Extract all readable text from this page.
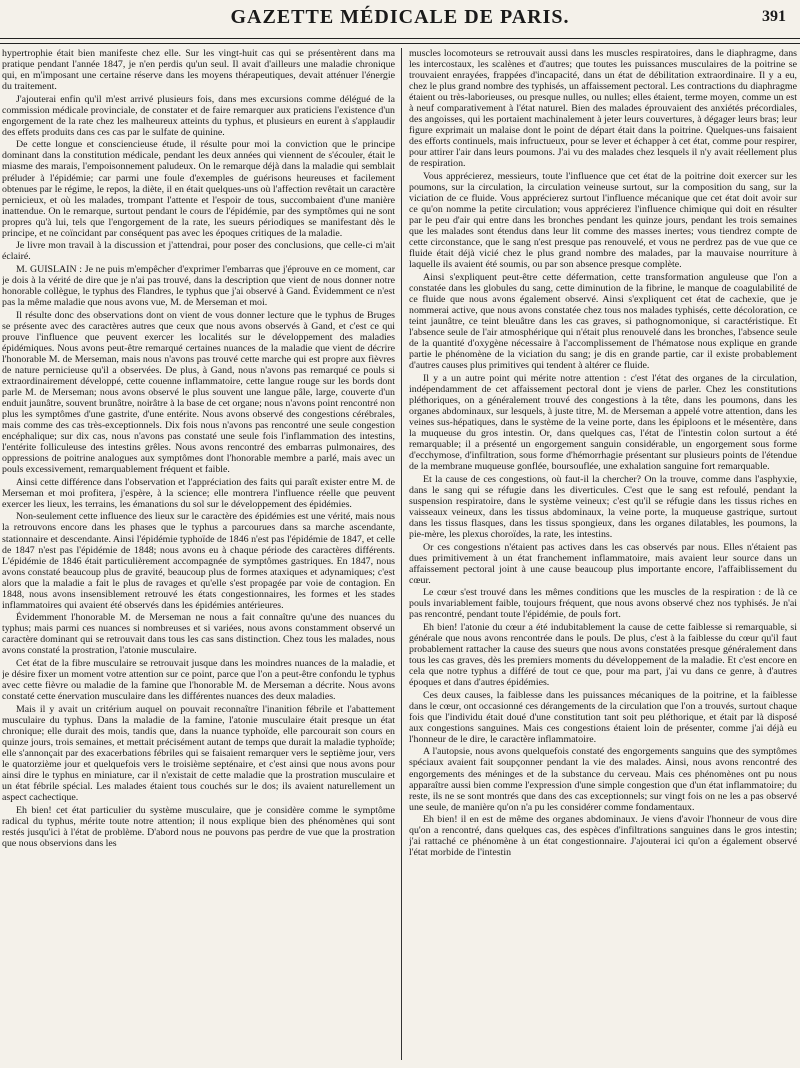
GAZETTE MÉDICALE DE PARIS.	391

hypertrophie était bien manifeste chez elle. Sur les vingt-huit cas qui se présentèrent dans ma pratique pendant l'année 1847, je n'en perdis qu'un seul. Il avait d'ailleurs une maladie chronique qui, en m'imposant une certaine réserve dans les moyens thérapeutiques, devait atténuer l'énergie du traitement.

J'ajouterai enfin qu'il m'est arrivé plusieurs fois, dans mes excursions comme délégué de la commission médicale provinciale, de constater et de faire remarquer aux praticiens l'existence d'un engorgement de la rate chez les malheureux atteints du typhus, et plusieurs en eurent à s'applaudir des effets produits dans ces cas par le sulfate de quinine.

De cette longue et consciencieuse étude, il résulte pour moi la conviction que le principe dominant dans la constitution médicale, pendant les deux années qui viennent de s'écouler, était le miasme des marais, l'empoisonnement paludeux. On le remarque déjà dans la maladie qui semblait préluder à l'épidémie; car parmi une foule d'exemples de guérisons heureuses et facilement obtenues par le régime, le repos, la diète, il en était quelques-uns où l'affection revêtait un caractère pernicieux, et où les malades, trompant l'attente et l'espoir de tous, succombaient d'une manière inattendue. On le remarque, surtout pendant le cours de l'épidémie, par des symptômes qui ne sont propres qu'à lui, tels que l'engorgement de la rate, les sueurs périodiques se manifestant dès le principe, et ne coïncidant par conséquent pas avec les époques critiques de la maladie.

Je livre mon travail à la discussion et j'attendrai, pour poser des conclusions, que celle-ci m'ait éclairé.

M. GUISLAIN : Je ne puis m'empêcher d'exprimer l'embarras que j'éprouve en ce moment, car je dois à la vérité de dire que je n'ai pas trouvé, dans la description que vient de nous donner notre honorable collègue, le typhus des Flandres, le typhus que j'ai observé à Gand. Évidemment ce n'est pas la même maladie que nous avons vue, M. de Merseman et moi.

Il résulte donc des observations dont on vient de vous donner lecture que le typhus de Bruges se présente avec des caractères autres que ceux que nous avons observés à Gand, et c'est ce qui prouve l'influence que peuvent exercer les localités sur le développement des maladies épidémiques. Nous avons peut-être remarqué certaines nuances de la maladie que vient de décrire l'honorable M. de Merseman, mais nous n'avons pas trouvé cette marche qui est propre aux fièvres de nature pernicieuse qu'il a observées. De plus, à Gand, nous n'avons pas remarqué ce pouls si extraordinairement développé, cette couenne inflammatoire, cette langue rouge sur les bords dont parle M. de Merseman; nous avons observé le plus souvent une langue pâle, large, couverte d'un enduit jaunâtre, souvent brunâtre, noirâtre à la base de cet organe; nous n'avons point rencontré non plus les symptômes d'une gastrite, d'une entérite. Nous avons observé des congestions cérébrales, mais comme des cas très-exceptionnels. Dix fois nous n'avons pas rencontré une seule congestion encéphalique; sur dix cas, nous n'avons pas constaté une seule fois l'inflammation des intestins, l'entérite folliculeuse des intestins grêles. Nous avons rencontré des embarras pulmonaires, des oppressions de poitrine analogues aux symptômes dont l'honorable membre a parlé, mais avec un pouls excessivement, remarquablement fréquent et faible.

Ainsi cette différence dans l'observation et l'appréciation des faits qui paraît exister entre M. de Merseman et moi profitera, j'espère, à la science; elle montrera l'influence réelle que peuvent exercer les lieux, les terrains, les émanations du sol sur le développement des épidémies.

Non-seulement cette influence des lieux sur le caractère des épidémies est une vérité, mais nous la retrouvons encore dans les phases que le typhus a parcourues dans sa marche ascendante, stationnaire et descendante. Ainsi l'épidémie typhoïde de 1846 n'est pas l'épidémie de 1847, et celle de 1847 n'est pas l'épidémie de 1848; nous avons eu à chaque période des caractères différents. L'épidémie de 1846 était particulièrement accompagnée de symptômes gastriques. En 1847, nous avons constaté beaucoup plus de gravité, beaucoup plus de formes ataxiques et adynamiques; c'est alors que la maladie a fait le plus de ravages et qu'elle s'est propagée par voie de contagion. En 1848, nous avons insensiblement retrouvé les états congestionnaires, les formes et les stades inflammatoires qui avaient été observés dans les épidémies antérieures.

Évidemment l'honorable M. de Merseman ne nous a fait connaître qu'une des nuances du typhus; mais parmi ces nuances si nombreuses et si variées, nous avons constamment observé un caractère dominant qui se retrouvait dans tous les cas sans distinction. Chez tous les malades, nous avons constaté la prostration, l'atonie musculaire.

Cet état de la fibre musculaire se retrouvait jusque dans les moindres nuances de la maladie, et je désire fixer un moment votre attention sur ce point, parce que l'on a peut-être confondu le typhus avec cette fièvre ou maladie de la famine que l'honorable M. de Merseman a décrite. Nous avons constaté cette énervation musculaire dans les différentes nuances des deux maladies.

Mais il y avait un critérium auquel on pouvait reconnaître l'inanition fébrile et l'abattement musculaire du typhus. Dans la maladie de la famine, l'atonie musculaire était presque un état chronique; elle durait des mois, tandis que, dans la nuance typhoïde, elle parcourait son cours en quinze jours, trois semaines, et mettait précisément autant de temps que durait la maladie typhoïde; elle s'annonçait par des exacerbations fébriles qui se faisaient remarquer vers le septième jour, vers le quatorzième jour et quelquefois vers le troisième septénaire, et c'est ainsi que nous avons pour ainsi dire le typhus en miniature, car il n'existait de cette maladie que la prostration musculaire et un état fébrile spécial. Les malades étaient tous couchés sur le dos; ils avaient naturellement un aspect cachectique.

Eh bien! cet état particulier du système musculaire, que je considère comme le symptôme radical du typhus, mérite toute notre attention; il nous explique bien des phénomènes qui sont restés jusqu'ici à l'état de problème. D'abord nous ne pouvons pas perdre de vue que la prostration que nous observions dans les

muscles locomoteurs se retrouvait aussi dans les muscles respiratoires, dans le diaphragme, dans les intercostaux, les scalènes et d'autres; que toutes les puissances musculaires de la poitrine se trouvaient enrayées, frappées d'incapacité, dans un état de débilitation extraordinaire. Il y a eu, chez le plus grand nombre des typhisés, un affaissement pectoral. Les contractions du diaphragme étaient ou très-laborieuses, ou presque nulles, ou nulles; elles étaient, terme moyen, comme un est à neuf comparativement à l'état naturel. Bien des malades éprouvaient des anxiétés précordiales, des angoisses, qui les portaient machinalement à jeter leurs couvertures, à dégager leurs bras; leur figure exprimait un malaise dont le point de départ était dans la poitrine. Quelques-uns faisaient des efforts continuels, mais infructueux, pour se lever et échapper à cet état, comme pour respirer, pour attirer l'air dans leurs poumons. J'ai vu des malades chez lesquels il n'y avait réellement plus de respiration.

Vous apprécierez, messieurs, toute l'influence que cet état de la poitrine doit exercer sur les poumons, sur la circulation, la circulation veineuse surtout, sur la composition du sang, sur la viciation de ce fluide. Vous apprécierez surtout l'influence mécanique que cet état doit avoir sur ce qu'on nomme la petite circulation; vous apprécierez l'influence chimique qui doit en résulter par le peu d'air qui entre dans les bronches pendant les quinze jours, pendant les trois semaines que les malades sont étendus dans leur lit comme des masses inertes; vous tiendrez compte de cette circonstance, que le sang n'est presque pas renouvelé, et vous ne perdrez pas de vue que ce fluide était déjà vicié chez le plus grand nombre des malades, par la mauvaise nourriture à laquelle ils avaient été soumis, ou par son absence presque complète.

Ainsi s'expliquent peut-être cette défermation, cette transformation anguleuse que l'on a constatée dans les globules du sang, cette diminution de la fibrine, le manque de coagulabilité de ce fluide que nous avons également observé. Ainsi s'expliquent cet état de cachexie, que je nommerai active, que nous avons constatée chez tous nos malades typhisés, cette décoloration, ce teint jaunâtre, ce teint bleuâtre dans les cas graves, si pathognomonique, si caractéristique. Et l'absence seule de l'air atmosphérique qui n'était plus renouvelé dans les bronches, l'absence seule de la quantité d'oxygène nécessaire à l'accomplissement de l'hématose nous explique en grande partie le phénomène de la viciation du sang; je dis en grande partie, car il existe probablement d'autres causes plus primitives qui tendent à altérer ce fluide.

Il y a un autre point qui mérite notre attention : c'est l'état des organes de la circulation, indépendamment de cet affaissement pectoral dont je viens de parler. Chez les constitutions pléthoriques, on a généralement trouvé des congestions à la tête, dans les poumons, dans les organes abdominaux, sur lesquels, à juste titre, M. de Merseman a appelé votre attention, dans les veines sus-hépatiques, dans le système de la veine porte, dans les épiploons et le mésentère, dans la muqueuse du gros intestin. Or, dans quelques cas, l'état de l'intestin colon surtout a été remarquable; il a présenté un engorgement sanguin considérable, un engorgement sous forme d'ecchymose, d'infiltration, sous forme d'hémorrhagie présentant sur plusieurs points de l'étendue de la membrane muqueuse gonflée, boursouflée, une exhalation sanguine fort remarquable.

Et la cause de ces congestions, où faut-il la chercher? On la trouve, comme dans l'asphyxie, dans le sang qui se réfugie dans les diverticules. C'est que le sang est refoulé, pendant la suspension respiratoire, dans le système veineux; c'est qu'il se réfugie dans les tissus riches en vaisseaux veineux, dans les tissus abdominaux, la veine porte, la muqueuse gastrique, surtout dans les tissus flasques, dans les tissus spongieux, dans les organes dilatables, les poumons, la pie-mère, les plexus choroïdes, la rate, les intestins.

Or ces congestions n'étaient pas actives dans les cas observés par nous. Elles n'étaient pas dues primitivement à un état franchement inflammatoire, mais avaient leur source dans un affaissement pectoral joint à une cause beaucoup plus importante encore, l'affaiblissement du cœur.

Le cœur s'est trouvé dans les mêmes conditions que les muscles de la respiration : de là ce pouls invariablement faible, toujours fréquent, que nous avons observé chez nos typhisés. Je n'ai pas rencontré, pendant toute l'épidémie, de pouls fort.

Eh bien! l'atonie du cœur a été indubitablement la cause de cette faiblesse si remarquable, si générale que nous avons rencontrée dans le pouls. De plus, c'est à la faiblesse du cœur qu'il faut probablement rattacher la cause des sueurs que nous avons constatées presque généralement dans tous les cas graves, dès les premiers moments du développement de la maladie. Et c'est encore en cela que notre typhus a différé de tout ce que, pour ma part, j'ai vu dans ce genre, à d'autres époques et dans d'autres épidémies.

Ces deux causes, la faiblesse dans les puissances mécaniques de la poitrine, et la faiblesse dans le cœur, ont occasionné ces dérangements de la circulation que l'on a trouvés, surtout chaque fois que l'individu était doué d'une constitution tant soit peu pléthorique, et était par là disposé aux congestions sanguines. Mais ces congestions étaient loin de présenter, comme j'ai déjà eu l'honneur de le dire, le caractère inflammatoire.

A l'autopsie, nous avons quelquefois constaté des engorgements sanguins que des symptômes spéciaux avaient fait soupçonner pendant la vie des malades. Ainsi, nous avons rencontré des engorgements des méninges et de la substance du cerveau. Mais ces phénomènes ont pu nous apparaître aussi bien comme l'expression d'une simple congestion que d'un état inflammatoire; du reste, ils ne se sont montrés que dans des cas exceptionnels; sur vingt fois on ne les a pas observé une seule, de manière qu'on n'a pu les considérer comme fondamentaux.

Eh bien! il en est de même des organes abdominaux. Je viens d'avoir l'honneur de vous dire qu'on a rencontré, dans quelques cas, des espèces d'infiltrations sanguines dans le gros intestin; j'ai rattaché ce phénomène à un état congestionnaire. J'ajouterai ici qu'on a également observé l'état morbide de l'intestin
